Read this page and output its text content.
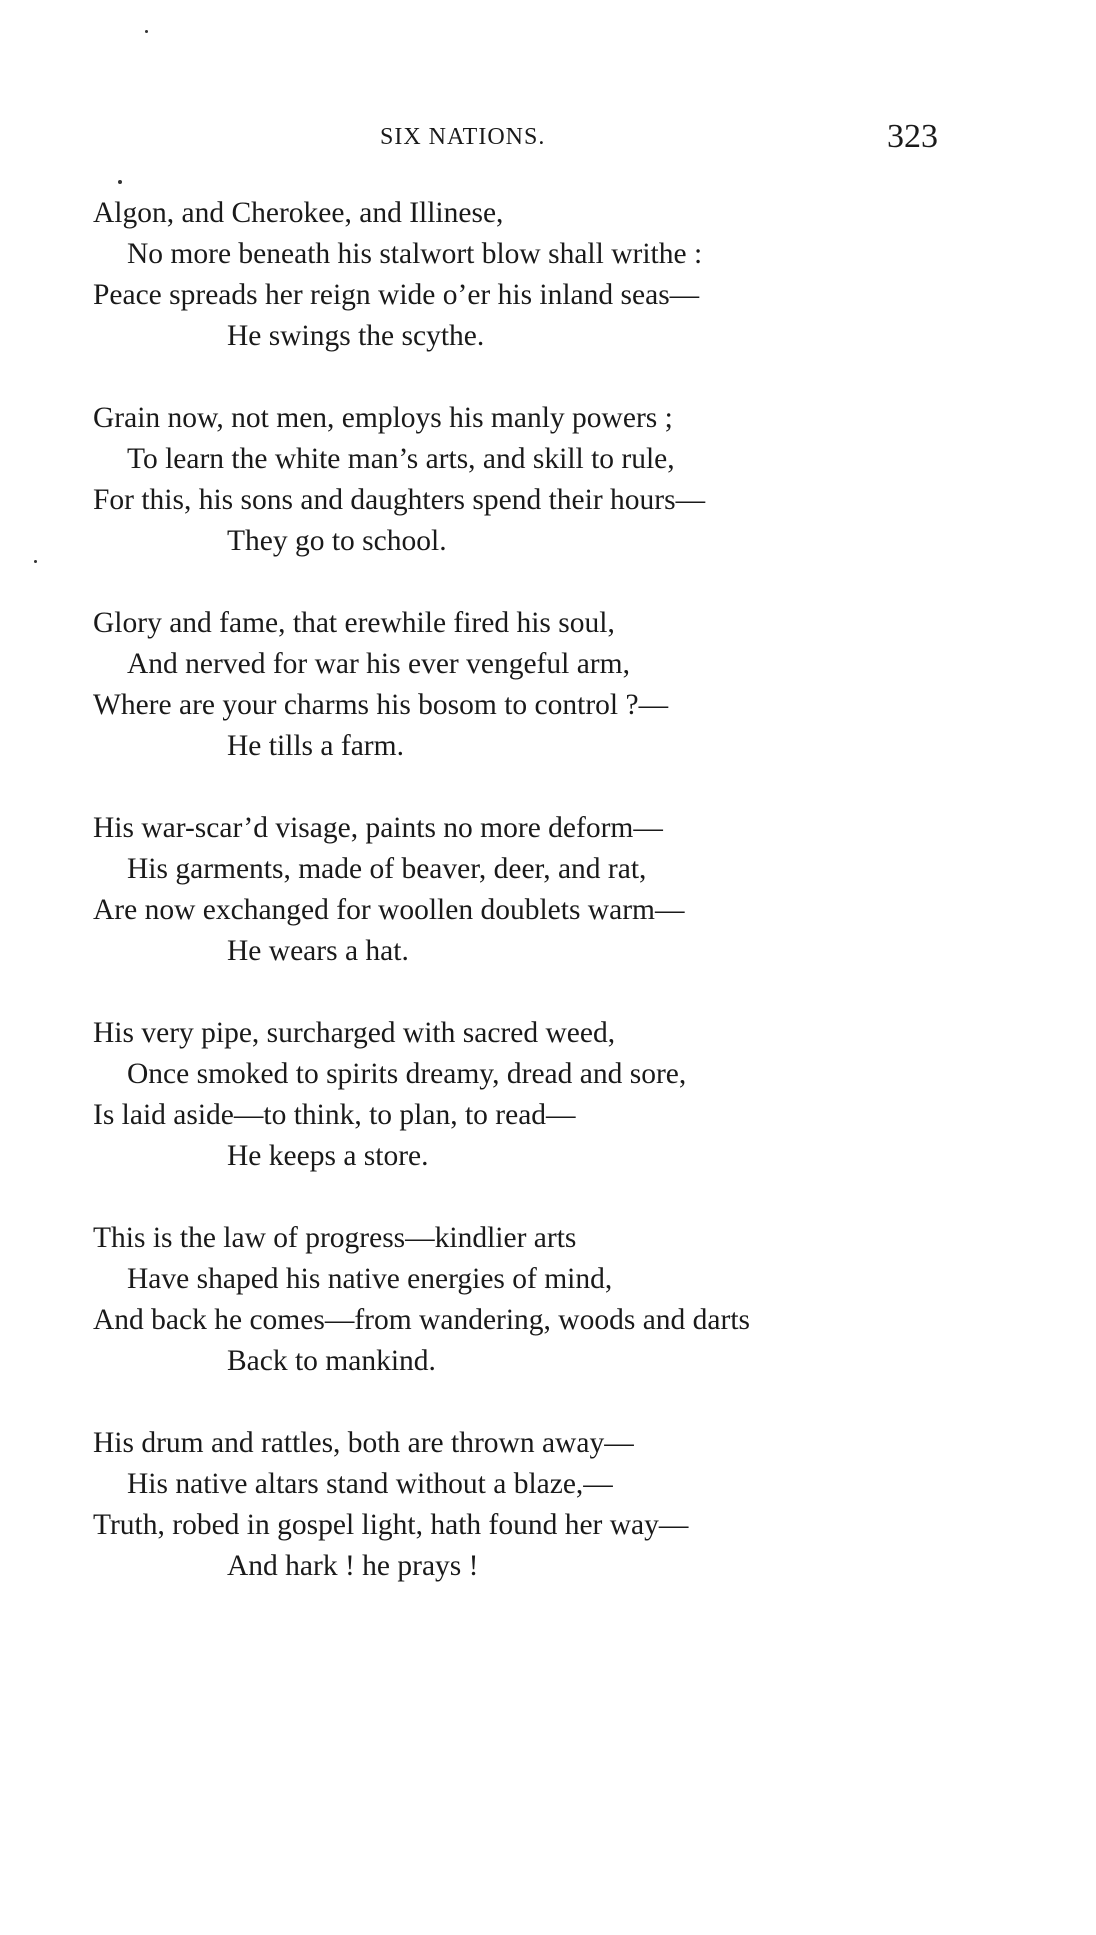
SIX NATIONS.	323
Algon, and Cherokee, and Illinese,
No more beneath his stalwort blow shall writhe :
Peace spreads her reign wide o’er his inland seas—
He swings the scythe.
Grain now, not men, employs his manly powers ;
To learn the white man’s arts, and skill to rule,
For this, his sons and daughters spend their hours—
They go to school.
Glory and fame, that erewhile fired his soul,
And nerved for war his ever vengeful arm,
Where are your charms his bosom to control ?—
He tills a farm.
His war-scar’d visage, paints no more deform—
His garments, made of beaver, deer, and rat,
Are now exchanged for woollen doublets warm—
He wears a hat.
His very pipe, surcharged with sacred weed,
Once smoked to spirits dreamy, dread and sore,
Is laid aside—to think, to plan, to read—
He keeps a store.
This is the law of progress—kindlier arts
Have shaped his native energies of mind,
And back he comes—from wandering, woods and darts
Back to mankind.
His drum and rattles, both are thrown away—
His native altars stand without a blaze,—
Truth, robed in gospel light, hath found her way—
And hark ! he prays !
